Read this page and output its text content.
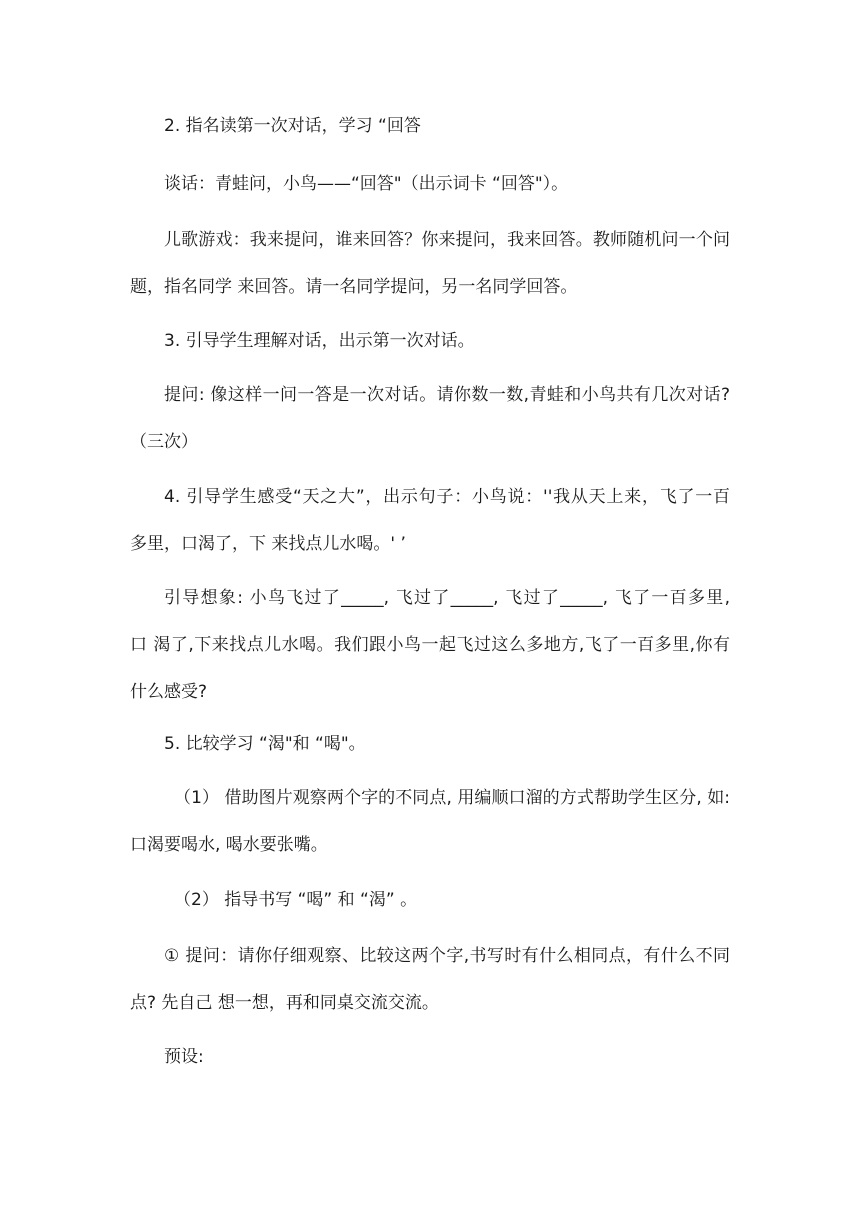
2. 指名读第一次对话，学习 “回答
谈话：青蛙问，小鸟——“回答"（出示词卡 “回答"）。
儿歌游戏：我来提问，谁来回答？你来提问，我来回答。教师随机问一个问
题，指名同学 来回答。请一名同学提问，另一名同学回答。
3. 引导学生理解对话，出示第一次对话。
提问: 像这样一问一答是一次对话。请你数一数,青蛙和小鸟共有几次对话?
（三次）
4. 引导学生感受“天之大”，出示句子：小鸟说：''我从天上来，飞了一百
多里，口渴了，下 来找点儿水喝。' ’
引导想象: 小鸟飞过了_____, 飞过了_____, 飞过了_____, 飞了一百多里,
口 渴了,下来找点儿水喝。我们跟小鸟一起飞过这么多地方,飞了一百多里,你有
什么感受?
5. 比较学习 “渴"和 “喝"。
（1） 借助图片观察两个字的不同点, 用编顺口溜的方式帮助学生区分, 如:
口渴要喝水, 喝水要张嘴。
（2） 指导书写 “喝” 和 “渴” 。
① 提问：请你仔细观察、比较这两个字,书写时有什么相同点，有什么不同
点? 先自己 想一想，再和同桌交流交流。
预设:
